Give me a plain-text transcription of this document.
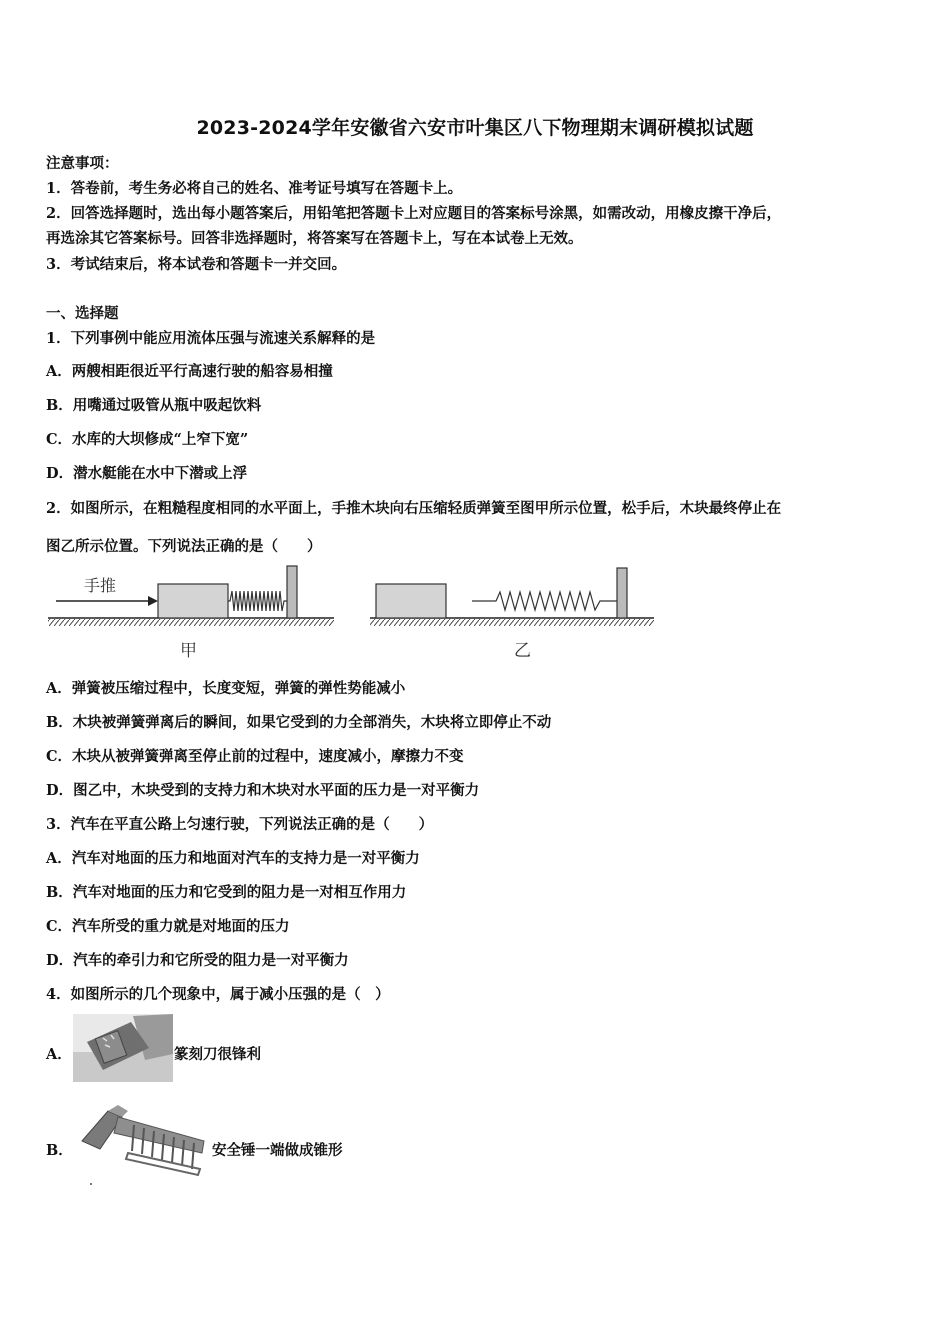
2023-2024学年安徽省六安市叶集区八下物理期末调研模拟试题
注意事项：
1．答卷前，考生务必将自己的姓名、准考证号填写在答题卡上。
2．回答选择题时，选出每小题答案后，用铅笔把答题卡上对应题目的答案标号涂黑，如需改动，用橡皮擦干净后，
再选涂其它答案标号。回答非选择题时，将答案写在答题卡上，写在本试卷上无效。
3．考试结束后，将本试卷和答题卡一并交回。
一、选择题
1．下列事例中能应用流体压强与流速关系解释的是
A．两艘相距很近平行高速行驶的船容易相撞
B．用嘴通过吸管从瓶中吸起饮料
C．水库的大坝修成“上窄下宽”
D．潜水艇能在水中下潜或上浮
2．如图所示，在粗糙程度相同的水平面上，手推木块向右压缩轻质弹簧至图甲所示位置，松手后，木块最终停止在
图乙所示位置。下列说法正确的是（　　）
手推
甲	乙
A．弹簧被压缩过程中，长度变短，弹簧的弹性势能减小
B．木块被弹簧弹离后的瞬间，如果它受到的力全部消失，木块将立即停止不动
C．木块从被弹簧弹离至停止前的过程中，速度减小，摩擦力不变
D．图乙中，木块受到的支持力和木块对水平面的压力是一对平衡力
3．汽车在平直公路上匀速行驶，下列说法正确的是（　　）
A．汽车对地面的压力和地面对汽车的支持力是一对平衡力
B．汽车对地面的压力和它受到的阻力是一对相互作用力
C．汽车所受的重力就是对地面的压力
D．汽车的牵引力和它所受的阻力是一对平衡力
4．如图所示的几个现象中，属于减小压强的是（　）
A．	篆刻刀很锋利
B．	安全锤一端做成锥形
